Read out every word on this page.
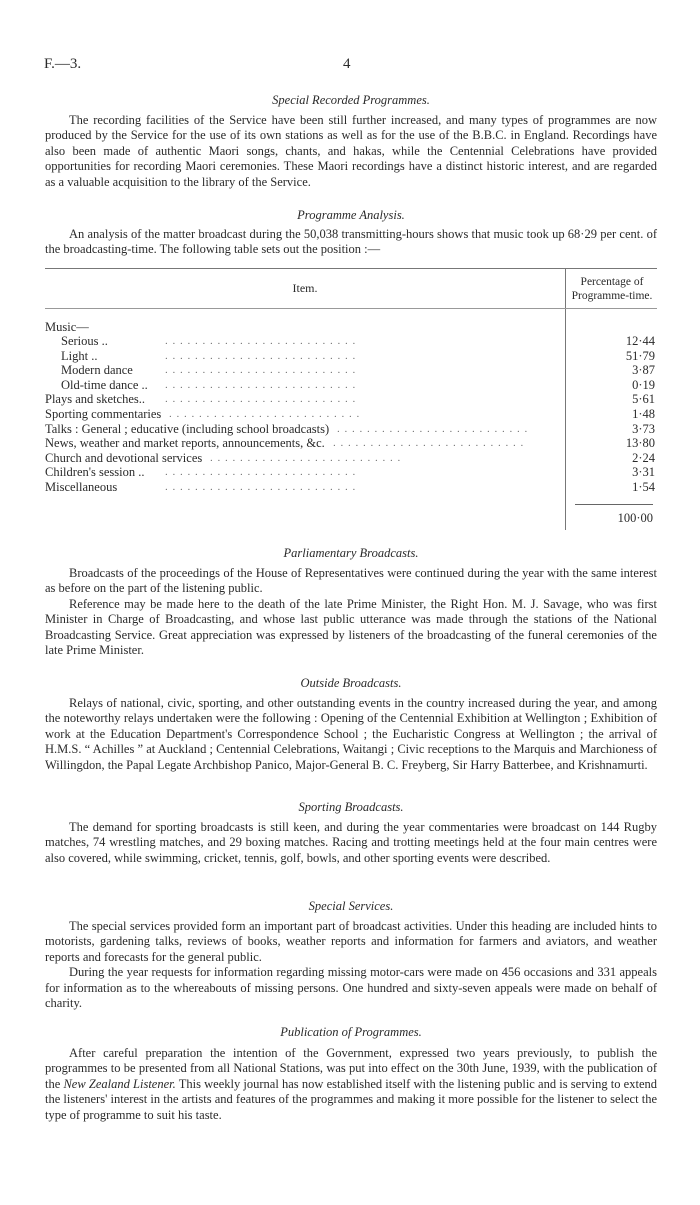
F.—3.	4

Special Recorded Programmes.

The recording facilities of the Service have been still further increased, and many types of programmes are now produced by the Service for the use of its own stations as well as for the use of the B.B.C. in England. Recordings have also been made of authentic Maori songs, chants, and hakas, while the Centennial Celebrations have provided opportunities for recording Maori ceremonies. These Maori recordings have a distinct historic interest, and are regarded as a valuable acquisition to the library of the Service.

Programme Analysis.

An analysis of the matter broadcast during the 50,038 transmitting-hours shows that music took up 68·29 per cent. of the broadcasting-time. The following table sets out the position :—

Item.	Percentage of Programme-time.
Music—
Serious ..	. . . . . . . . . . . . . . . . . . . . . . . . . .	12·44
Light ..	. . . . . . . . . . . . . . . . . . . . . . . . . .	51·79
Modern dance	. . . . . . . . . . . . . . . . . . . . . . . . . .	3·87
Old-time dance .. . . . . . . . . . . . . . . . . . . . . . . . . . .	0·19
Plays and sketches.. . . . . . . . . . . . . . . . . . . . . . . . . . .	5·61
Sporting commentaries . . . . . . . . . . . . . . . . . . . . . . . . . .	1·48
Talks : General ; educative (including school broadcasts) . . . . . . . . . . . . . . . . . . . . . . . . . .	3·73
News, weather and market reports, announcements, &c. . . . . . . . . . . . . . . . . . . . . . . . . . .	13·80
Church and devotional services . . . . . . . . . . . . . . . . . . . . . . . . . .	2·24
Children's session .. . . . . . . . . . . . . . . . . . . . . . . . . . .	3·31
Miscellaneous	. . . . . . . . . . . . . . . . . . . . . . . . . .	1·54
100·00

Parliamentary Broadcasts.

Broadcasts of the proceedings of the House of Representatives were continued during the year with the same interest as before on the part of the listening public.

Reference may be made here to the death of the late Prime Minister, the Right Hon. M. J. Savage, who was first Minister in Charge of Broadcasting, and whose last public utterance was made through the stations of the National Broadcasting Service. Great appreciation was expressed by listeners of the broadcasting of the funeral ceremonies of the late Prime Minister.

Outside Broadcasts.

Relays of national, civic, sporting, and other outstanding events in the country increased during the year, and among the noteworthy relays undertaken were the following : Opening of the Centennial Exhibition at Wellington ; Exhibition of work at the Education Department's Correspondence School ; the Eucharistic Congress at Wellington ; the arrival of H.M.S. “ Achilles ” at Auckland ; Centennial Celebrations, Waitangi ; Civic receptions to the Marquis and Marchioness of Willingdon, the Papal Legate Archbishop Panico, Major-General B. C. Freyberg, Sir Harry Batterbee, and Krishnamurti.

Sporting Broadcasts.

The demand for sporting broadcasts is still keen, and during the year commentaries were broadcast on 144 Rugby matches, 74 wrestling matches, and 29 boxing matches. Racing and trotting meetings held at the four main centres were also covered, while swimming, cricket, tennis, golf, bowls, and other sporting events were described.

Special Services.

The special services provided form an important part of broadcast activities. Under this heading are included hints to motorists, gardening talks, reviews of books, weather reports and information for farmers and aviators, and weather reports and forecasts for the general public.

During the year requests for information regarding missing motor-cars were made on 456 occasions and 331 appeals for information as to the whereabouts of missing persons. One hundred and sixty-seven appeals were made on behalf of charity.

Publication of Programmes.

After careful preparation the intention of the Government, expressed two years previously, to publish the programmes to be presented from all National Stations, was put into effect on the 30th June, 1939, with the publication of the New Zealand Listener. This weekly journal has now established itself with the listening public and is serving to extend the listeners' interest in the artists and features of the programmes and making it more possible for the listener to select the type of programme to suit his taste.
